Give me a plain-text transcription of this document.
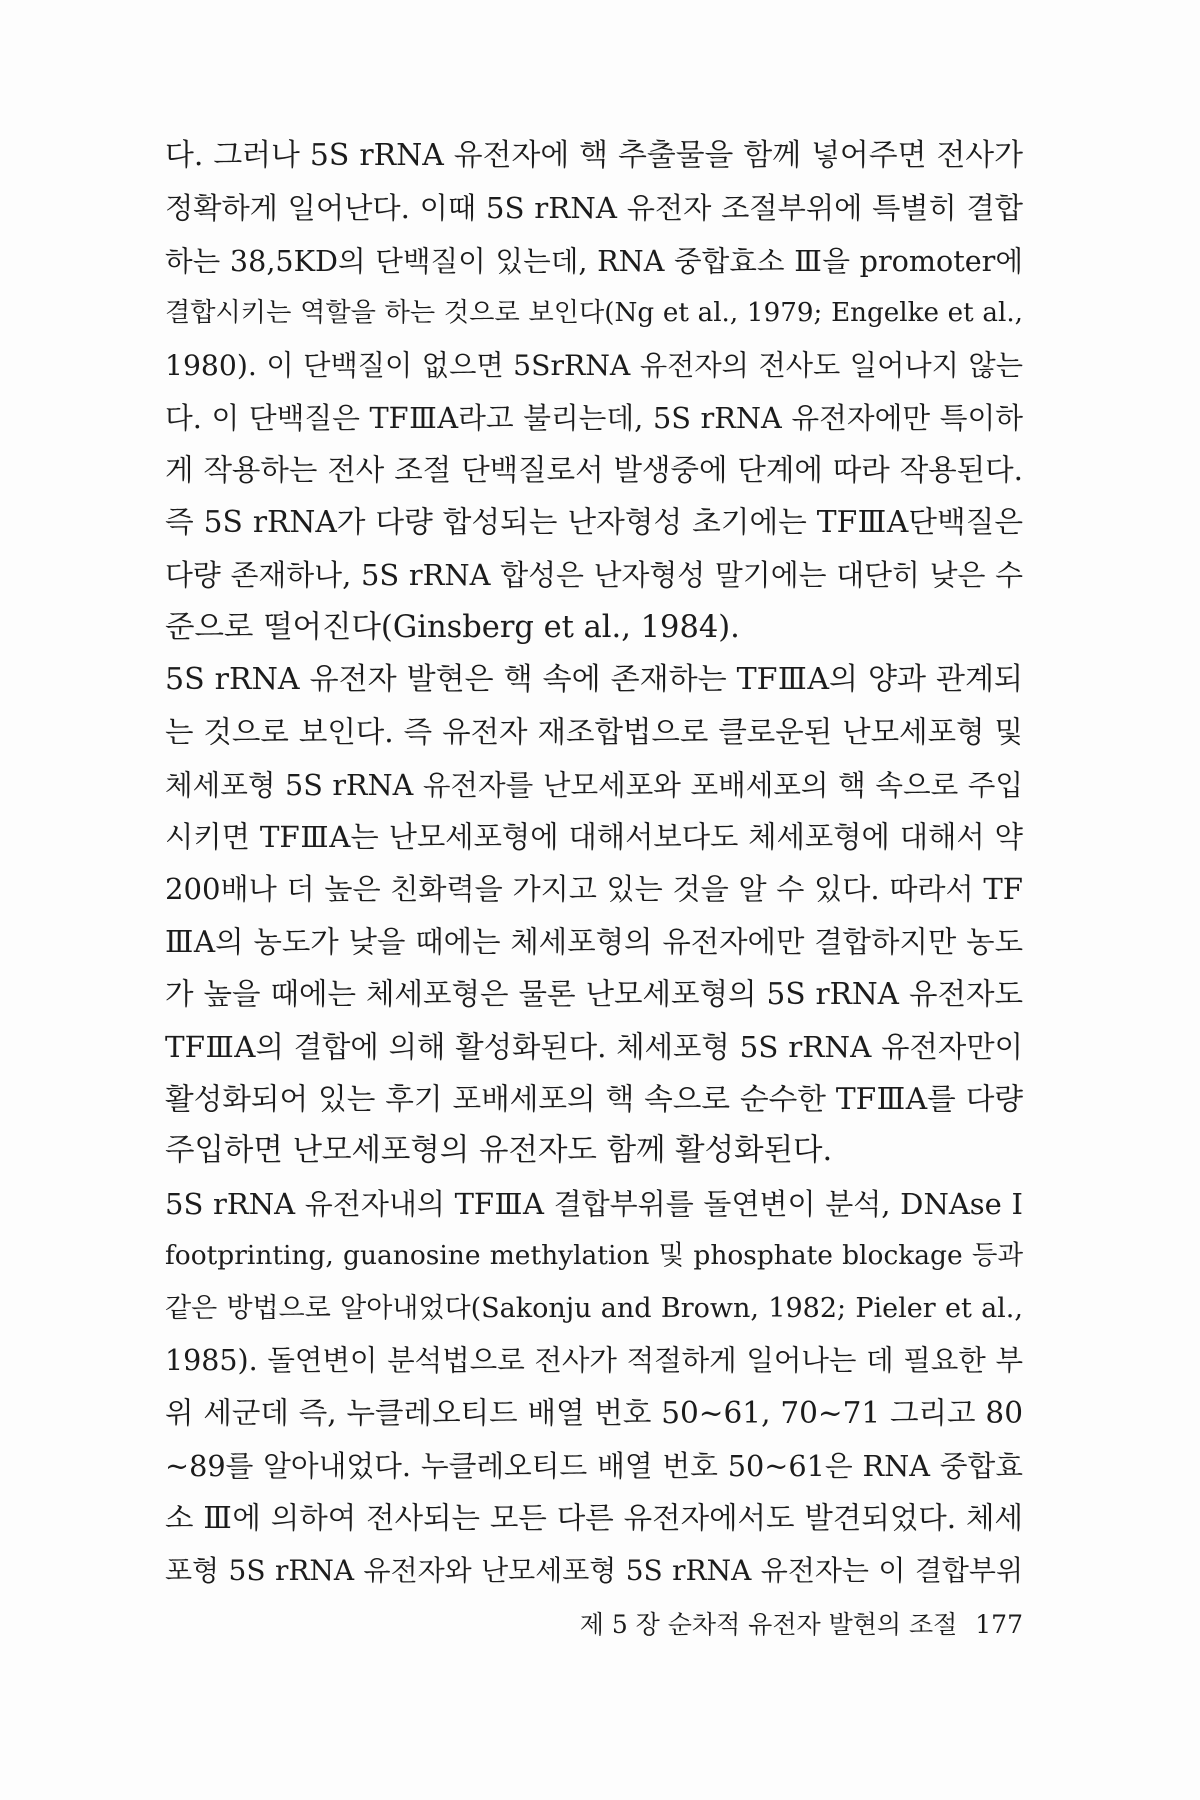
다. 그러나 5S rRNA 유전자에 핵 추출물을 함께 넣어주면 전사가
정확하게 일어난다. 이때 5S rRNA 유전자 조절부위에 특별히 결합
하는 38,5KD의 단백질이 있는데, RNA 중합효소 Ⅲ을 promoter에
결합시키는 역할을 하는 것으로 보인다(Ng et al., 1979; Engelke et al.,
1980). 이 단백질이 없으면 5SrRNA 유전자의 전사도 일어나지 않는
다. 이 단백질은 TFⅢA라고 불리는데, 5S rRNA 유전자에만 특이하
게 작용하는 전사 조절 단백질로서 발생중에 단계에 따라 작용된다.
즉 5S rRNA가 다량 합성되는 난자형성 초기에는 TFⅢA단백질은
다량 존재하나, 5S rRNA 합성은 난자형성 말기에는 대단히 낮은 수
준으로 떨어진다(Ginsberg et al., 1984).
5S rRNA 유전자 발현은 핵 속에 존재하는 TFⅢA의 양과 관계되
는 것으로 보인다. 즉 유전자 재조합법으로 클로운된 난모세포형 및
체세포형 5S rRNA 유전자를 난모세포와 포배세포의 핵 속으로 주입
시키면 TFⅢA는 난모세포형에 대해서보다도 체세포형에 대해서 약
200배나 더 높은 친화력을 가지고 있는 것을 알 수 있다. 따라서 TF
ⅢA의 농도가 낮을 때에는 체세포형의 유전자에만 결합하지만 농도
가 높을 때에는 체세포형은 물론 난모세포형의 5S rRNA 유전자도
TFⅢA의 결합에 의해 활성화된다. 체세포형 5S rRNA 유전자만이
활성화되어 있는 후기 포배세포의 핵 속으로 순수한 TFⅢA를 다량
주입하면 난모세포형의 유전자도 함께 활성화된다.
5S rRNA 유전자내의 TFⅢA 결합부위를 돌연변이 분석, DNAse I
footprinting, guanosine methylation 및 phosphate blockage 등과
같은 방법으로 알아내었다(Sakonju and Brown, 1982; Pieler et al.,
1985). 돌연변이 분석법으로 전사가 적절하게 일어나는 데 필요한 부
위 세군데 즉, 누클레오티드 배열 번호 50~61, 70~71 그리고 80
~89를 알아내었다. 누클레오티드 배열 번호 50~61은 RNA 중합효
소 Ⅲ에 의하여 전사되는 모든 다른 유전자에서도 발견되었다. 체세
포형 5S rRNA 유전자와 난모세포형 5S rRNA 유전자는 이 결합부위
제 5 장 순차적 유전자 발현의 조절 177
